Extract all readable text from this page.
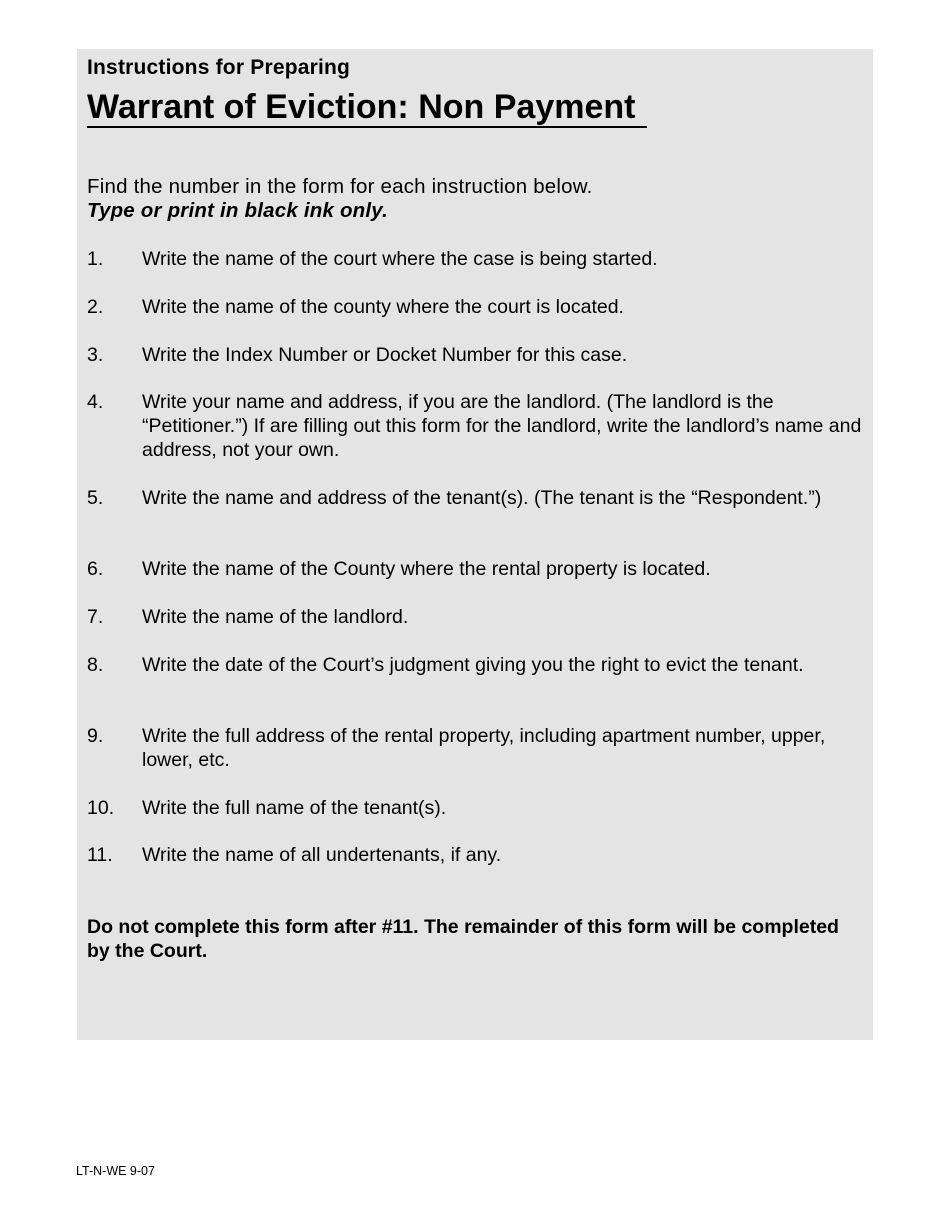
Instructions for Preparing
Warrant of Eviction: Non Payment
Find the number in the form for each instruction below.
Type or print in black ink only.
1.	Write the name of the court where the case is being started.
2.	Write the name of the county where the court is located.
3.	Write the Index Number or Docket Number for this case.
4.	Write your name and address, if you are the landlord. (The landlord is the “Petitioner.”) If are filling out this form for the landlord, write the landlord’s name and address, not your own.
5.	Write the name and address of the tenant(s). (The tenant is the “Respondent.”)
6.	Write the name of the County where the rental property is located.
7.	Write the name of the landlord.
8.	Write the date of the Court’s judgment giving you the right to evict the tenant.
9.	Write the full address of the rental property, including apartment number, upper, lower, etc.
10.	Write the full name of the tenant(s).
11.	Write the name of all undertenants, if any.
Do not complete this form after #11. The remainder of this form will be completed by the Court.
LT-N-WE 9-07
